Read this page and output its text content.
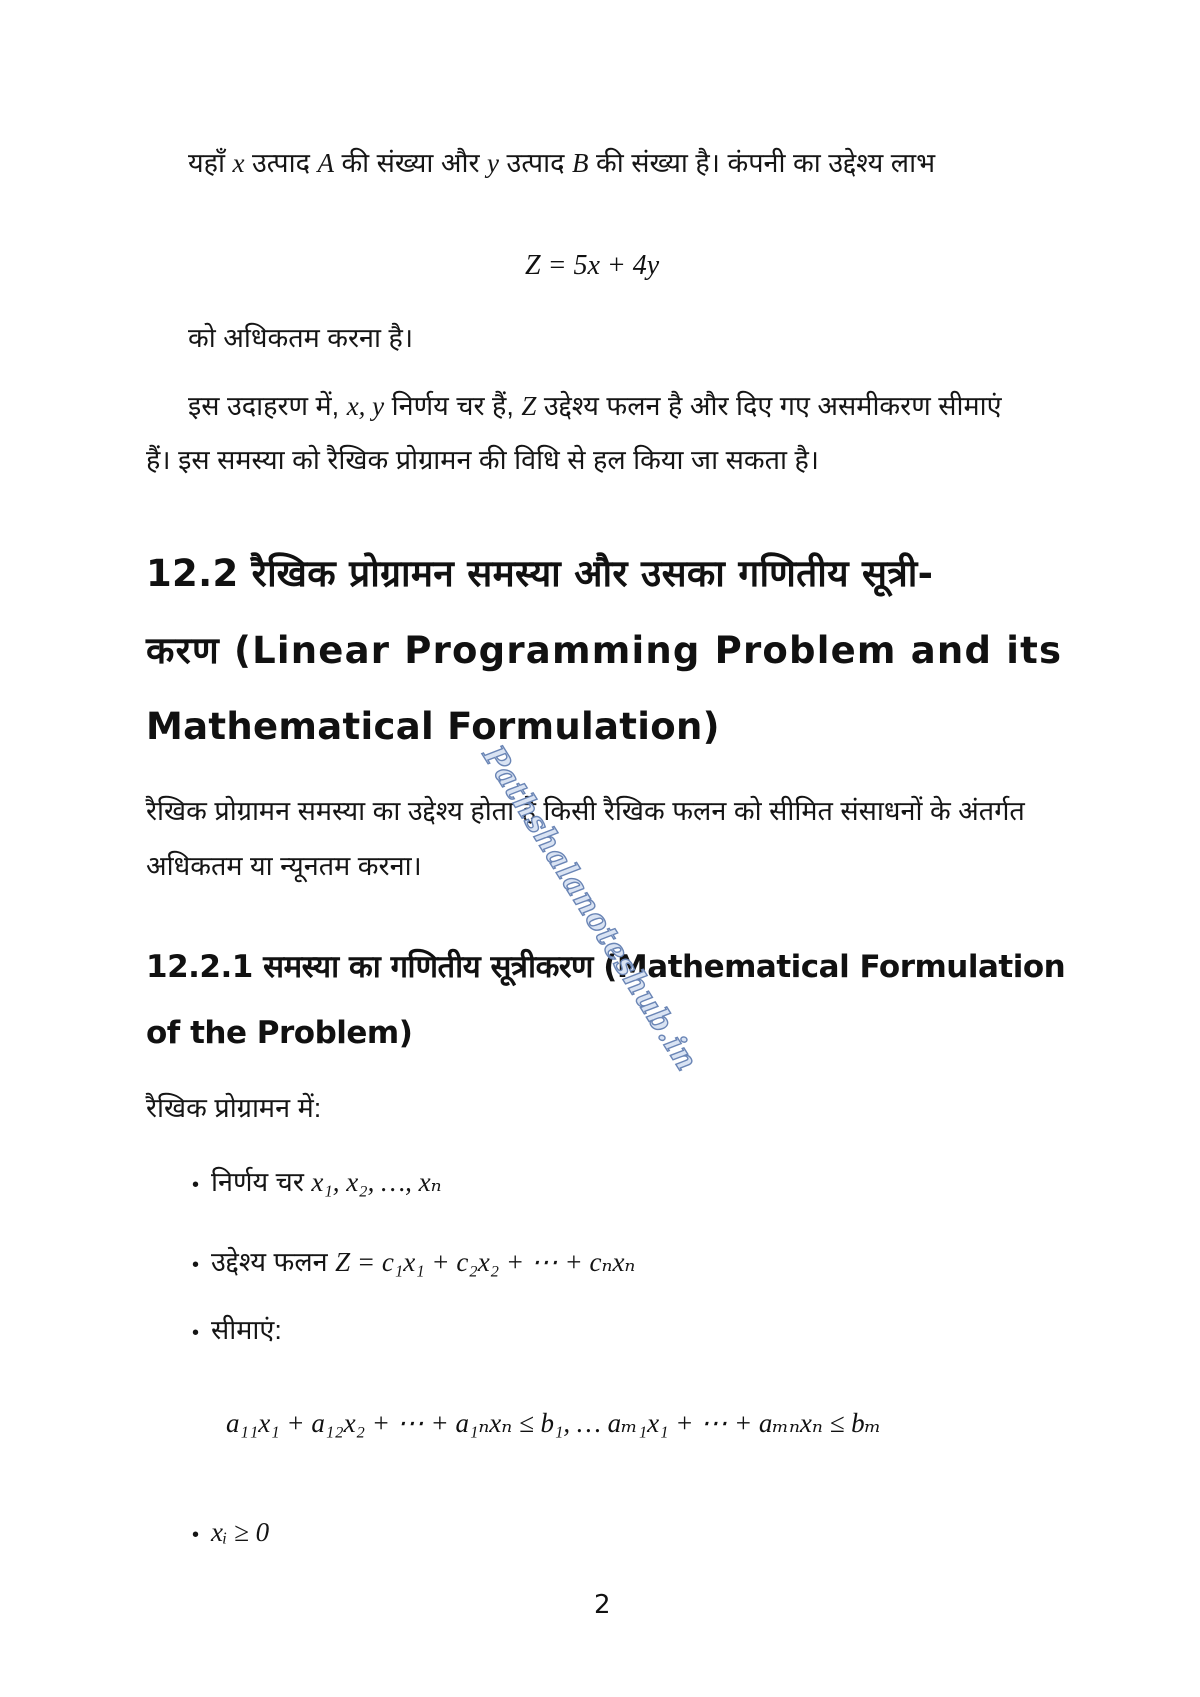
यहाँ x उत्पाद A की संख्या और y उत्पाद B की संख्या है। कंपनी का उद्देश्य लाभ
Z = 5x + 4y
को अधिकतम करना है।
इस उदाहरण में, x, y निर्णय चर हैं, Z उद्देश्य फलन है और दिए गए असमीकरण सीमाएं
हैं। इस समस्या को रैखिक प्रोग्रामन की विधि से हल किया जा सकता है।
12.2 रैखिक प्रोग्रामन समस्या और उसका गणितीय सूत्री-
करण (Linear Programming Problem and its
Mathematical Formulation)
रैखिक प्रोग्रामन समस्या का उद्देश्य होता है किसी रैखिक फलन को सीमित संसाधनों के अंतर्गत
अधिकतम या न्यूनतम करना।
12.2.1 समस्या का गणितीय सूत्रीकरण (Mathematical Formulation
of the Problem)
रैखिक प्रोग्रामन में:
• निर्णय चर x₁, x₂, …, xₙ
• उद्देश्य फलन Z = c₁x₁ + c₂x₂ + ⋯ + cₙxₙ
• सीमाएं:
a₁₁x₁ + a₁₂x₂ + ⋯ + a₁ₙxₙ ≤ b₁, … aₘ₁x₁ + ⋯ + aₘₙxₙ ≤ bₘ
• xᵢ ≥ 0
2
Pathshalanoteshub.in
